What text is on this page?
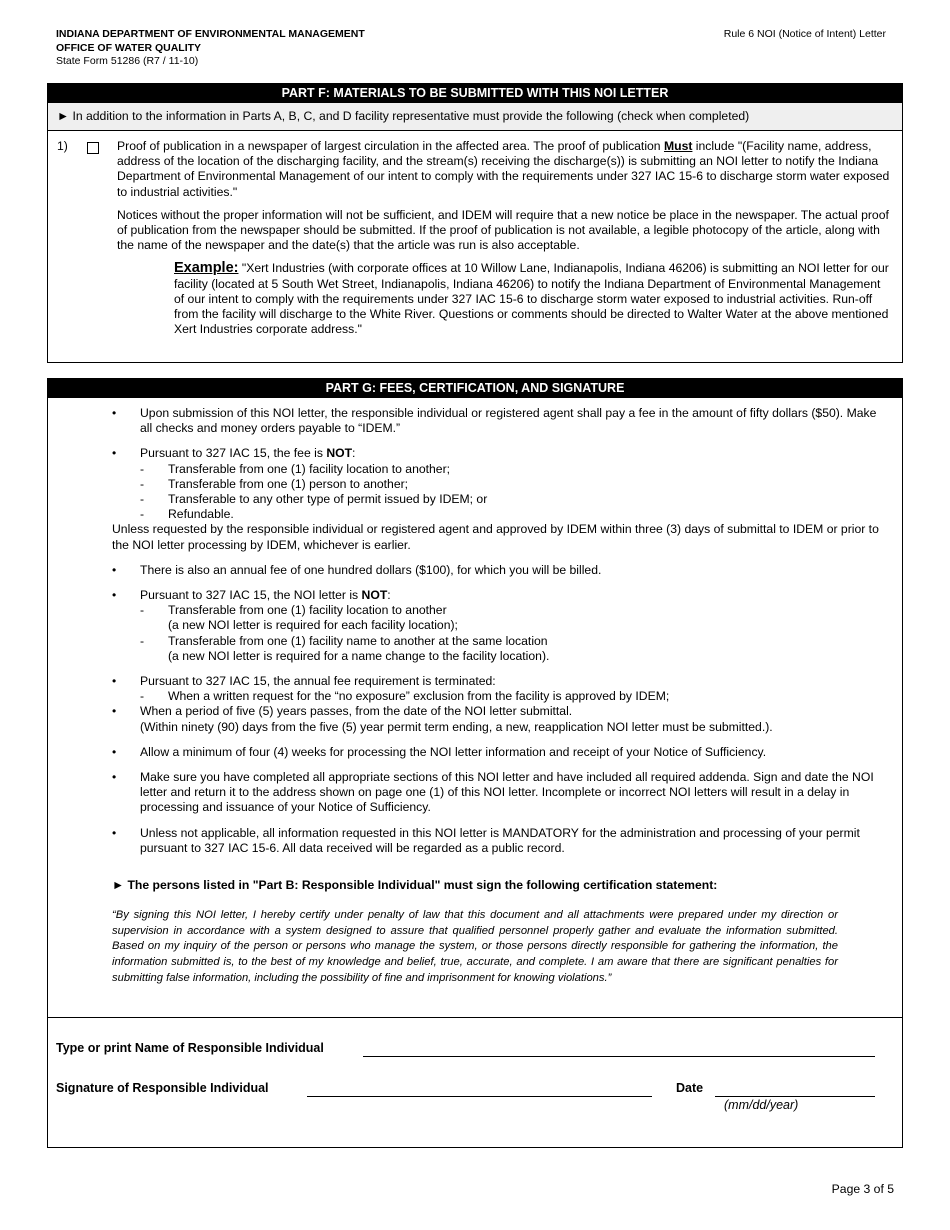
INDIANA DEPARTMENT OF ENVIRONMENTAL MANAGEMENT
OFFICE OF WATER QUALITY
State Form 51286 (R7 / 11-10)
Rule 6 NOI (Notice of Intent) Letter
PART F: MATERIALS TO BE SUBMITTED WITH THIS NOI LETTER
► In addition to the information in Parts A, B, C, and D facility representative must provide the following (check when completed)
1)	Proof of publication in a newspaper of largest circulation in the affected area. The proof of publication Must include "(Facility name, address, address of the location of the discharging facility, and the stream(s) receiving the discharge(s)) is submitting an NOI letter to notify the Indiana Department of Environmental Management of our intent to comply with the requirements under 327 IAC 15-6 to discharge storm water exposed to industrial activities."

Notices without the proper information will not be sufficient, and IDEM will require that a new notice be place in the newspaper. The actual proof of publication from the newspaper should be submitted. If the proof of publication is not available, a legible photocopy of the article, along with the name of the newspaper and the date(s) that the article was run is also acceptable.

Example: "Xert Industries (with corporate offices at 10 Willow Lane, Indianapolis, Indiana 46206) is submitting an NOI letter for our facility (located at 5 South Wet Street, Indianapolis, Indiana 46206) to notify the Indiana Department of Environmental Management of our intent to comply with the requirements under 327 IAC 15-6 to discharge storm water exposed to industrial activities. Run-off from the facility will discharge to the White River. Questions or comments should be directed to Walter Water at the above mentioned Xert Industries corporate address."
PART G: FEES, CERTIFICATION, AND SIGNATURE
• Upon submission of this NOI letter, the responsible individual or registered agent shall pay a fee in the amount of fifty dollars ($50). Make all checks and money orders payable to “IDEM.”
• Pursuant to 327 IAC 15, the fee is NOT:
- Transferable from one (1) facility location to another;
- Transferable from one (1) person to another;
- Transferable to any other type of permit issued by IDEM; or
- Refundable.
Unless requested by the responsible individual or registered agent and approved by IDEM within three (3) days of submittal to IDEM or prior to the NOI letter processing by IDEM, whichever is earlier.
• There is also an annual fee of one hundred dollars ($100), for which you will be billed.
• Pursuant to 327 IAC 15, the NOI letter is NOT:
- Transferable from one (1) facility location to another
(a new NOI letter is required for each facility location);
- Transferable from one (1) facility name to another at the same location
(a new NOI letter is required for a name change to the facility location).
• Pursuant to 327 IAC 15, the annual fee requirement is terminated:
- When a written request for the “no exposure” exclusion from the facility is approved by IDEM;
• When a period of five (5) years passes, from the date of the NOI letter submittal.
(Within ninety (90) days from the five (5) year permit term ending, a new, reapplication NOI letter must be submitted.).
• Allow a minimum of four (4) weeks for processing the NOI letter information and receipt of your Notice of Sufficiency.
• Make sure you have completed all appropriate sections of this NOI letter and have included all required addenda. Sign and date the NOI letter and return it to the address shown on page one (1) of this NOI letter. Incomplete or incorrect NOI letters will result in a delay in processing and issuance of your Notice of Sufficiency.
• Unless not applicable, all information requested in this NOI letter is MANDATORY for the administration and processing of your permit pursuant to 327 IAC 15-6. All data received will be regarded as a public record.
► The persons listed in "Part B: Responsible Individual" must sign the following certification statement:
“By signing this NOI letter, I hereby certify under penalty of law that this document and all attachments were prepared under my direction or supervision in accordance with a system designed to assure that qualified personnel properly gather and evaluate the information submitted. Based on my inquiry of the person or persons who manage the system, or those persons directly responsible for gathering the information, the information submitted is, to the best of my knowledge and belief, true, accurate, and complete. I am aware that there are significant penalties for submitting false information, including the possibility of fine and imprisonment for knowing violations.”
Type or print Name of Responsible Individual
Signature of Responsible Individual	Date
(mm/dd/year)
Page 3 of 5
